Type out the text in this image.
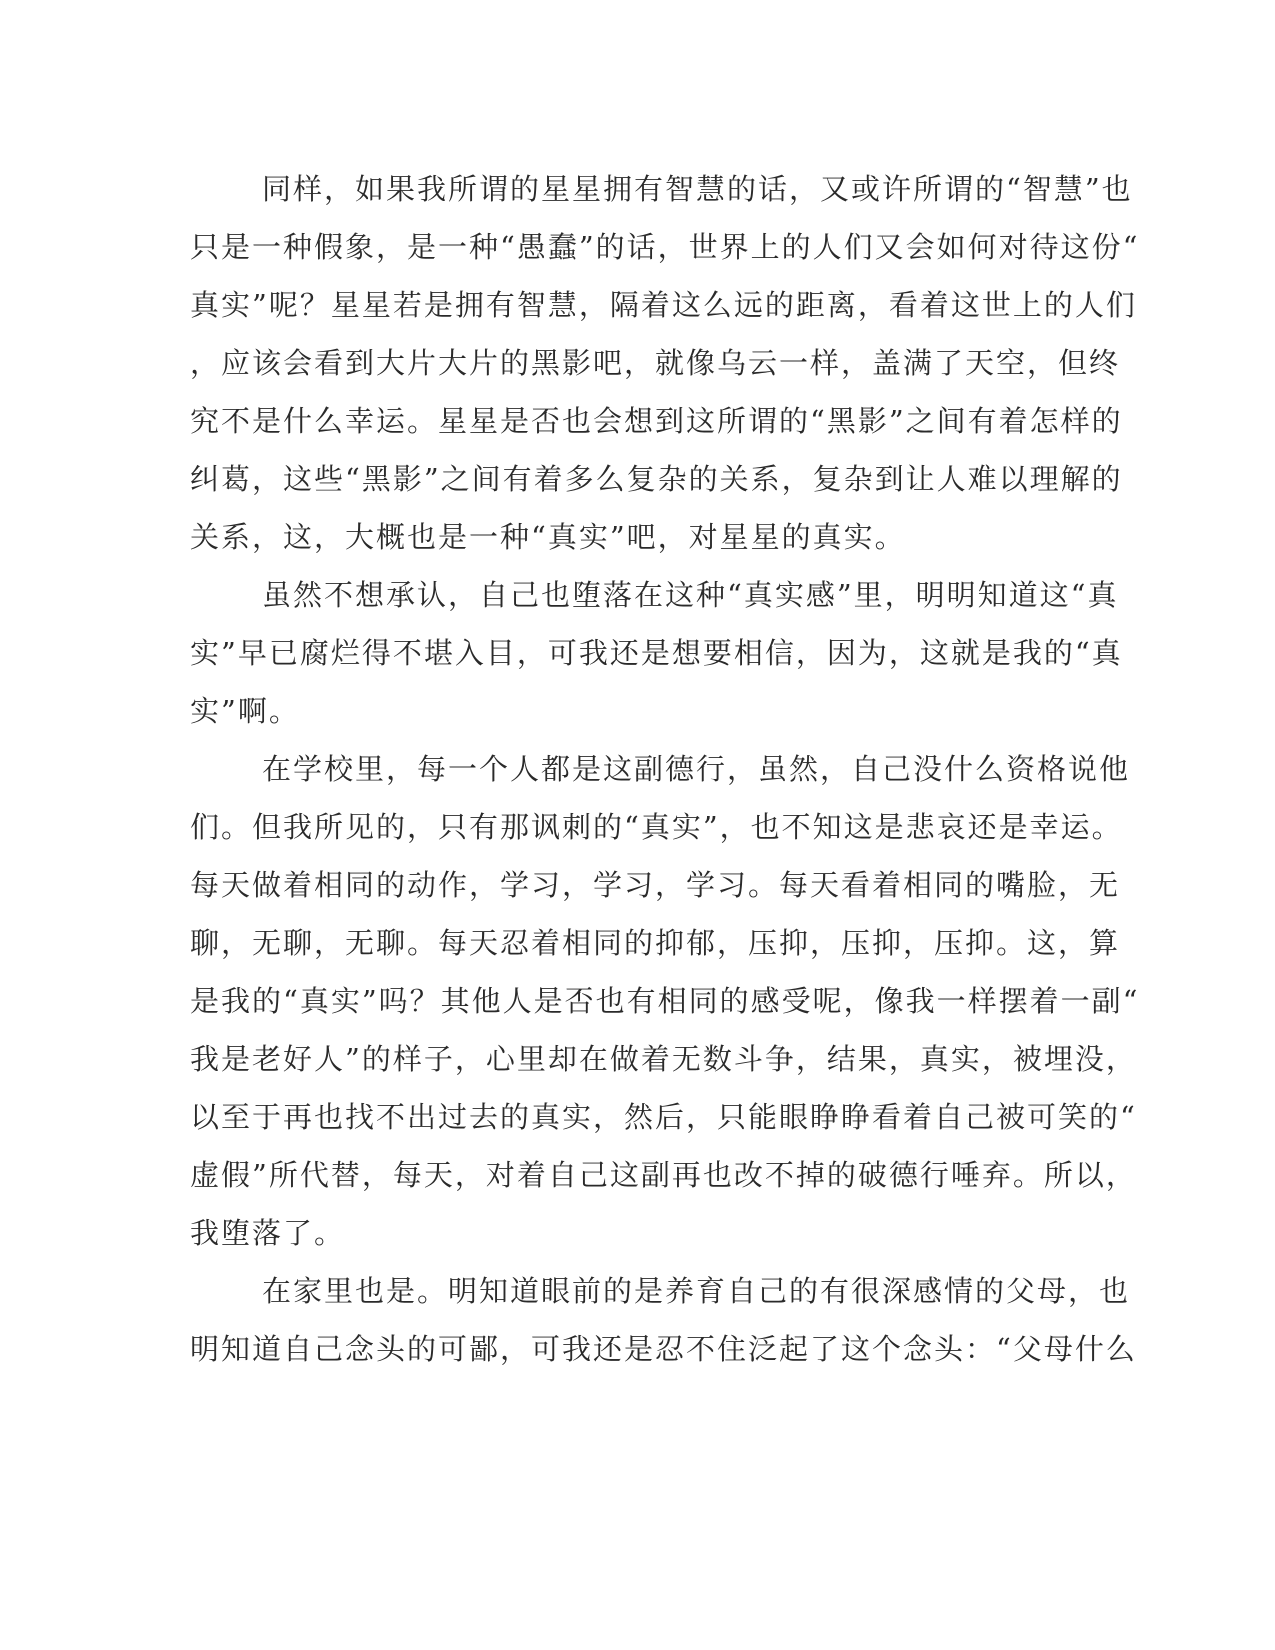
同样，如果我所谓的星星拥有智慧的话，又或许所谓的“智慧”也
只是一种假象，是一种“愚蠢”的话，世界上的人们又会如何对待这份“
真实”呢？星星若是拥有智慧，隔着这么远的距离，看着这世上的人们
，应该会看到大片大片的黑影吧，就像乌云一样，盖满了天空，但终
究不是什么幸运。星星是否也会想到这所谓的“黑影”之间有着怎样的
纠葛，这些“黑影”之间有着多么复杂的关系，复杂到让人难以理解的
关系，这，大概也是一种“真实”吧，对星星的真实。
虽然不想承认，自己也堕落在这种“真实感”里，明明知道这“真
实”早已腐烂得不堪入目，可我还是想要相信，因为，这就是我的“真
实”啊。
在学校里，每一个人都是这副德行，虽然，自己没什么资格说他
们。但我所见的，只有那讽刺的“真实”，也不知这是悲哀还是幸运。
每天做着相同的动作，学习，学习，学习。每天看着相同的嘴脸，无
聊，无聊，无聊。每天忍着相同的抑郁，压抑，压抑，压抑。这，算
是我的“真实”吗？其他人是否也有相同的感受呢，像我一样摆着一副“
我是老好人”的样子，心里却在做着无数斗争，结果，真实，被埋没，
以至于再也找不出过去的真实，然后，只能眼睁睁看着自己被可笑的“
虚假”所代替，每天，对着自己这副再也改不掉的破德行唾弃。所以，
我堕落了。
在家里也是。明知道眼前的是养育自己的有很深感情的父母，也
明知道自己念头的可鄙，可我还是忍不住泛起了这个念头：“父母什么
